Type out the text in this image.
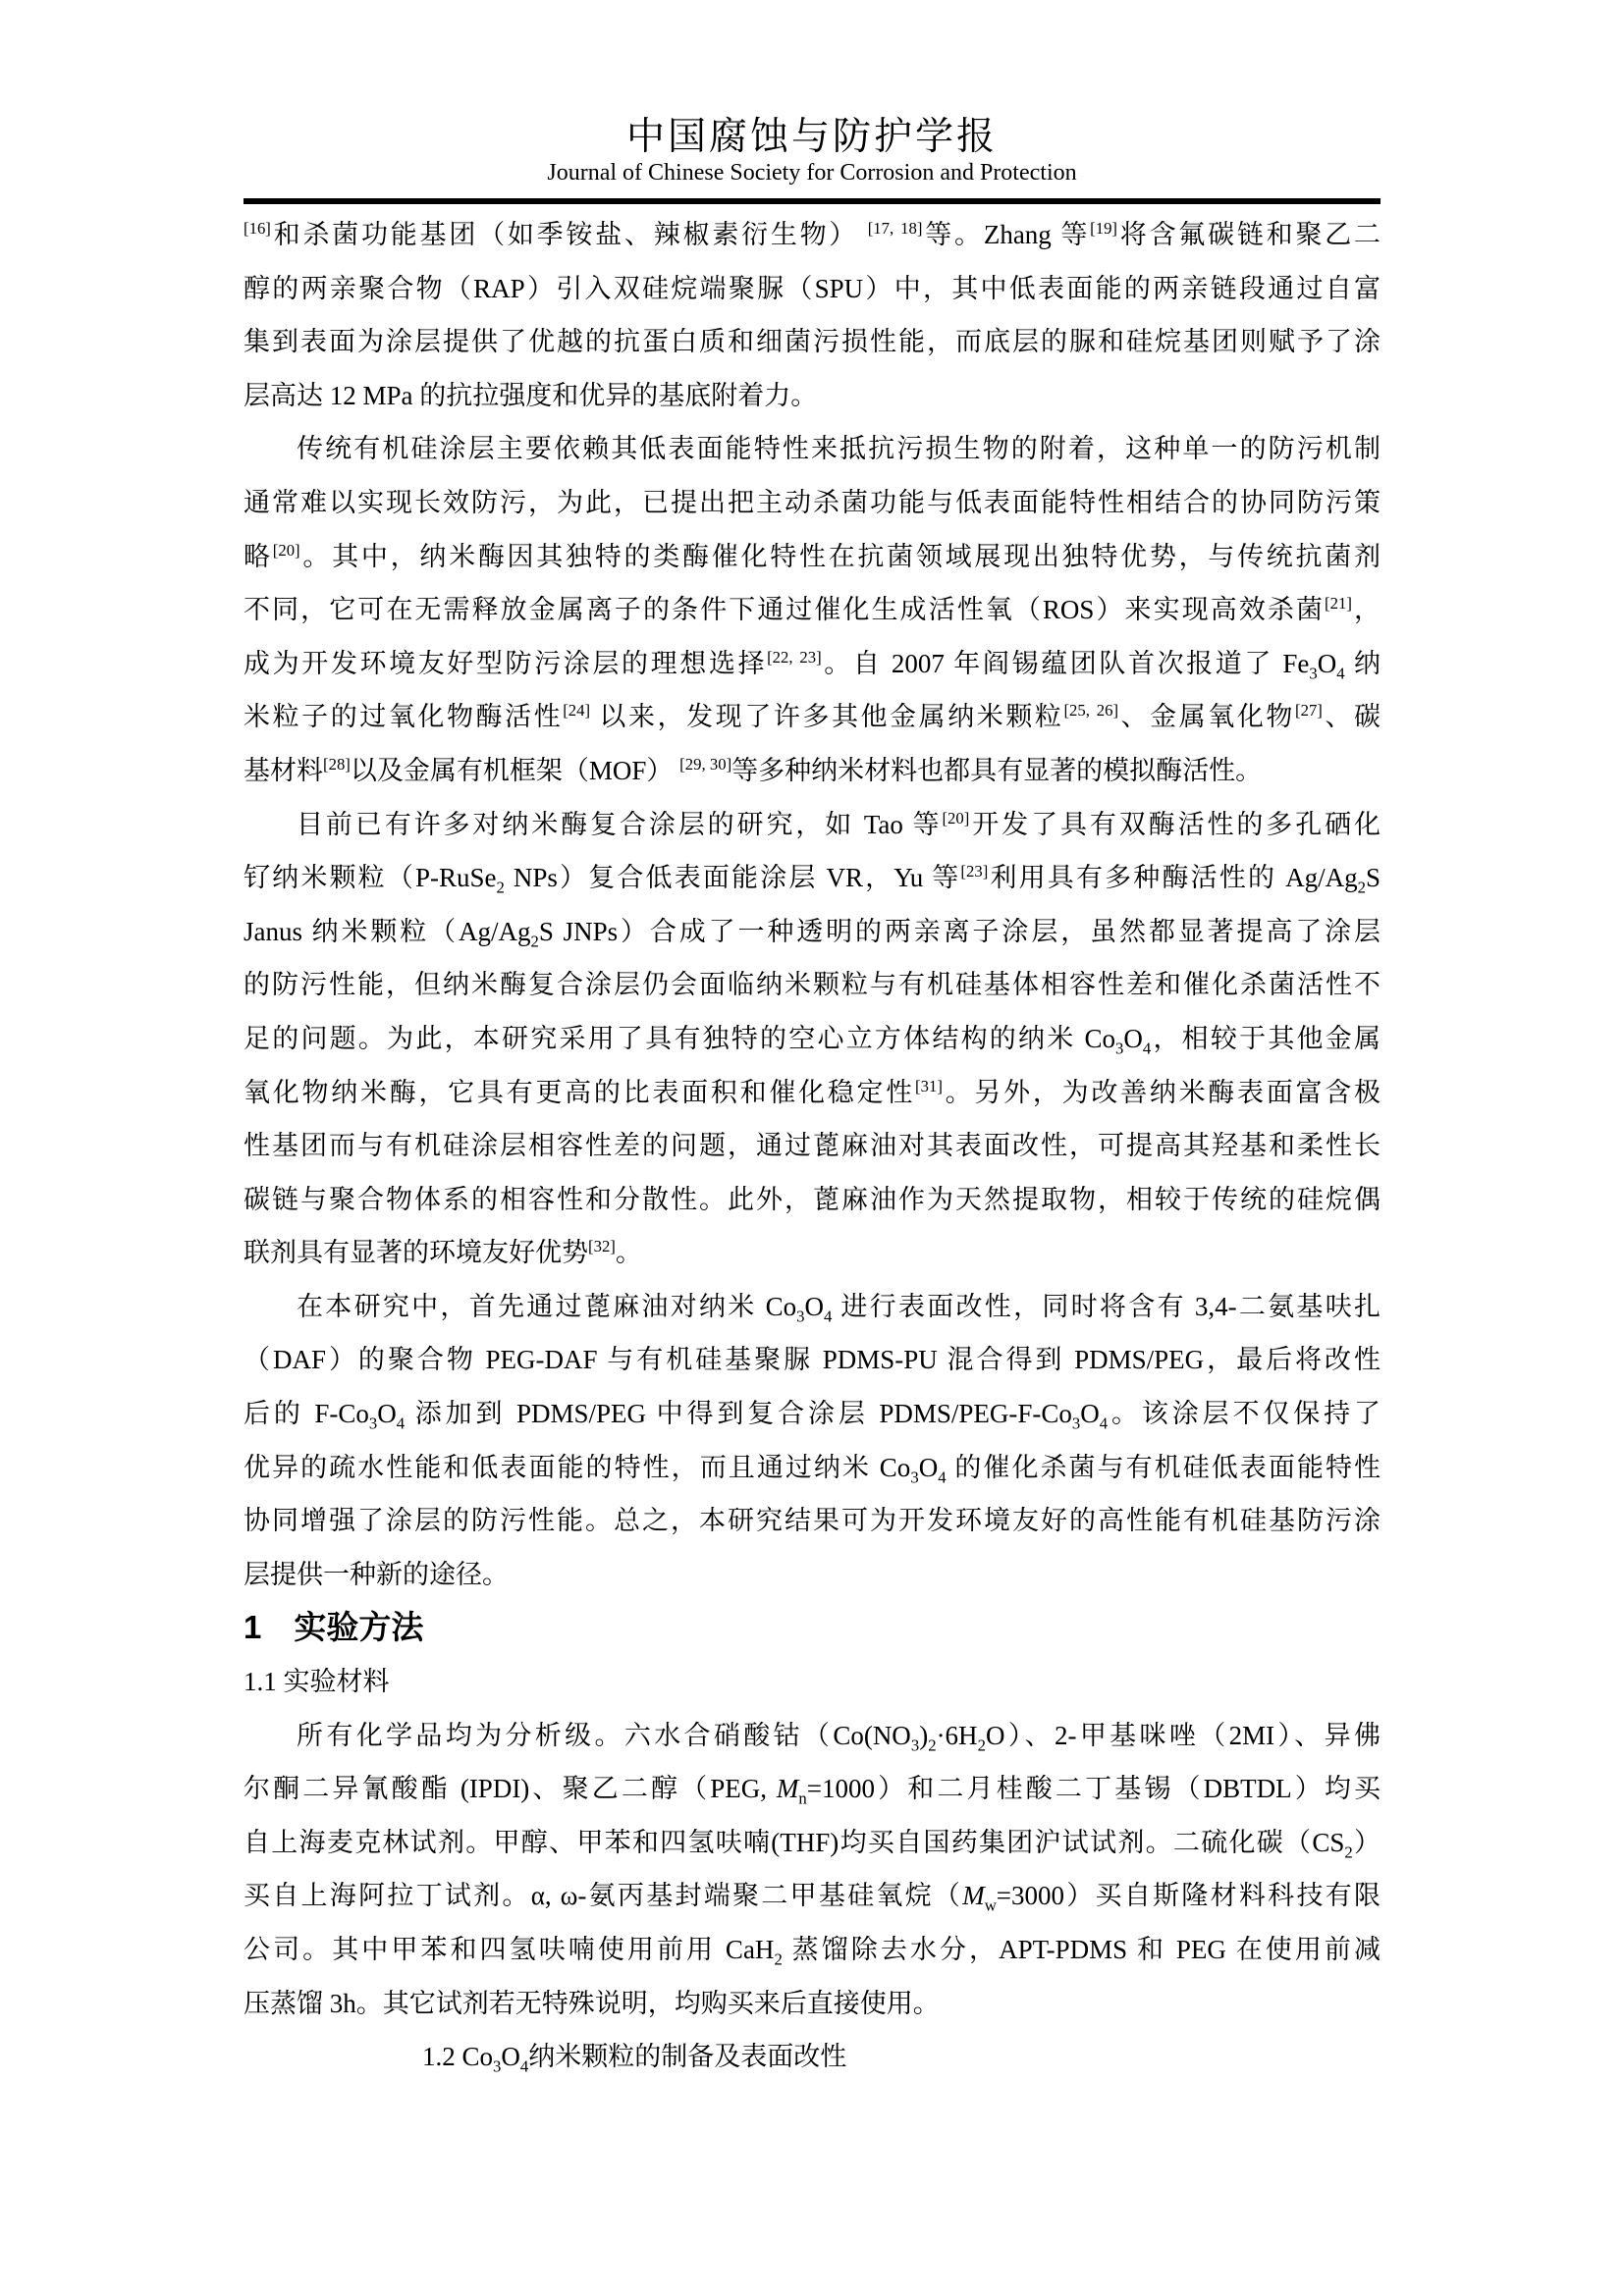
中国腐蚀与防护学报
Journal of Chinese Society for Corrosion and Protection
[16]和杀菌功能基团（如季铵盐、辣椒素衍生物） [17, 18]等。Zhang 等[19]将含氟碳链和聚乙二
醇的两亲聚合物（RAP）引入双硅烷端聚脲（SPU）中，其中低表面能的两亲链段通过自富
集到表面为涂层提供了优越的抗蛋白质和细菌污损性能，而底层的脲和硅烷基团则赋予了涂
层高达 12 MPa 的抗拉强度和优异的基底附着力。
传统有机硅涂层主要依赖其低表面能特性来抵抗污损生物的附着，这种单一的防污机制
通常难以实现长效防污，为此，已提出把主动杀菌功能与低表面能特性相结合的协同防污策
略[20]。其中，纳米酶因其独特的类酶催化特性在抗菌领域展现出独特优势，与传统抗菌剂
不同，它可在无需释放金属离子的条件下通过催化生成活性氧（ROS）来实现高效杀菌[21]，
成为开发环境友好型防污涂层的理想选择[22, 23]。自 2007 年阎锡蕴团队首次报道了 $Fe_3O_4$ 纳
米粒子的过氧化物酶活性[24] 以来，发现了许多其他金属纳米颗粒[25, 26]、金属氧化物[27]、碳
基材料[28]以及金属有机框架（MOF） [29, 30]等多种纳米材料也都具有显著的模拟酶活性。
目前已有许多对纳米酶复合涂层的研究，如 Tao 等[20]开发了具有双酶活性的多孔硒化
钌纳米颗粒（P-RuSe$_2$ NPs）复合低表面能涂层 VR，Yu 等[23]利用具有多种酶活性的 $Ag/Ag_2S$
Janus 纳米颗粒（$Ag/Ag_2S$ JNPs）合成了一种透明的两亲离子涂层，虽然都显著提高了涂层
的防污性能，但纳米酶复合涂层仍会面临纳米颗粒与有机硅基体相容性差和催化杀菌活性不
足的问题。为此，本研究采用了具有独特的空心立方体结构的纳米 $Co_3O_4$，相较于其他金属
氧化物纳米酶，它具有更高的比表面积和催化稳定性[31]。另外，为改善纳米酶表面富含极
性基团而与有机硅涂层相容性差的问题，通过蓖麻油对其表面改性，可提高其羟基和柔性长
碳链与聚合物体系的相容性和分散性。此外，蓖麻油作为天然提取物，相较于传统的硅烷偶
联剂具有显著的环境友好优势[32]。
在本研究中，首先通过蓖麻油对纳米 $Co_3O_4$ 进行表面改性，同时将含有 3,4-二氨基呋扎
（DAF）的聚合物 PEG-DAF 与有机硅基聚脲 PDMS-PU 混合得到 PDMS/PEG，最后将改性
后的 $F-Co_3O_4$ 添加到 PDMS/PEG 中得到复合涂层 PDMS/$PEG-F-Co_3O_4$。该涂层不仅保持了
优异的疏水性能和低表面能的特性，而且通过纳米 $Co_3O_4$ 的催化杀菌与有机硅低表面能特性
协同增强了涂层的防污性能。总之，本研究结果可为开发环境友好的高性能有机硅基防污涂
层提供一种新的途径。
1　实验方法
1.1 实验材料
所有化学品均为分析级。六水合硝酸钴$(Co(NO_3)_2\cdot 6H_2O)$、2-甲基咪唑（2MI）、异佛
尔酮二异氰酸酯 (IPDI)、聚乙二醇（PEG, $M_n=1000$）和二月桂酸二丁基锡（DBTDL）均买
自上海麦克林试剂。甲醇、甲苯和四氢呋喃(THF)均买自国药集团沪试试剂。二硫化碳$(CS_2)$
买自上海阿拉丁试剂。α, ω-氨丙基封端聚二甲基硅氧烷$(M_w=3000)$买自斯隆材料科技有限
公司。其中甲苯和四氢呋喃使用前用 CaH$_2$ 蒸馏除去水分，APT-PDMS 和 PEG 在使用前减
压蒸馏 3h。其它试剂若无特殊说明，均购买来后直接使用。
1.2 $Co_3O_4$纳米颗粒的制备及表面改性
